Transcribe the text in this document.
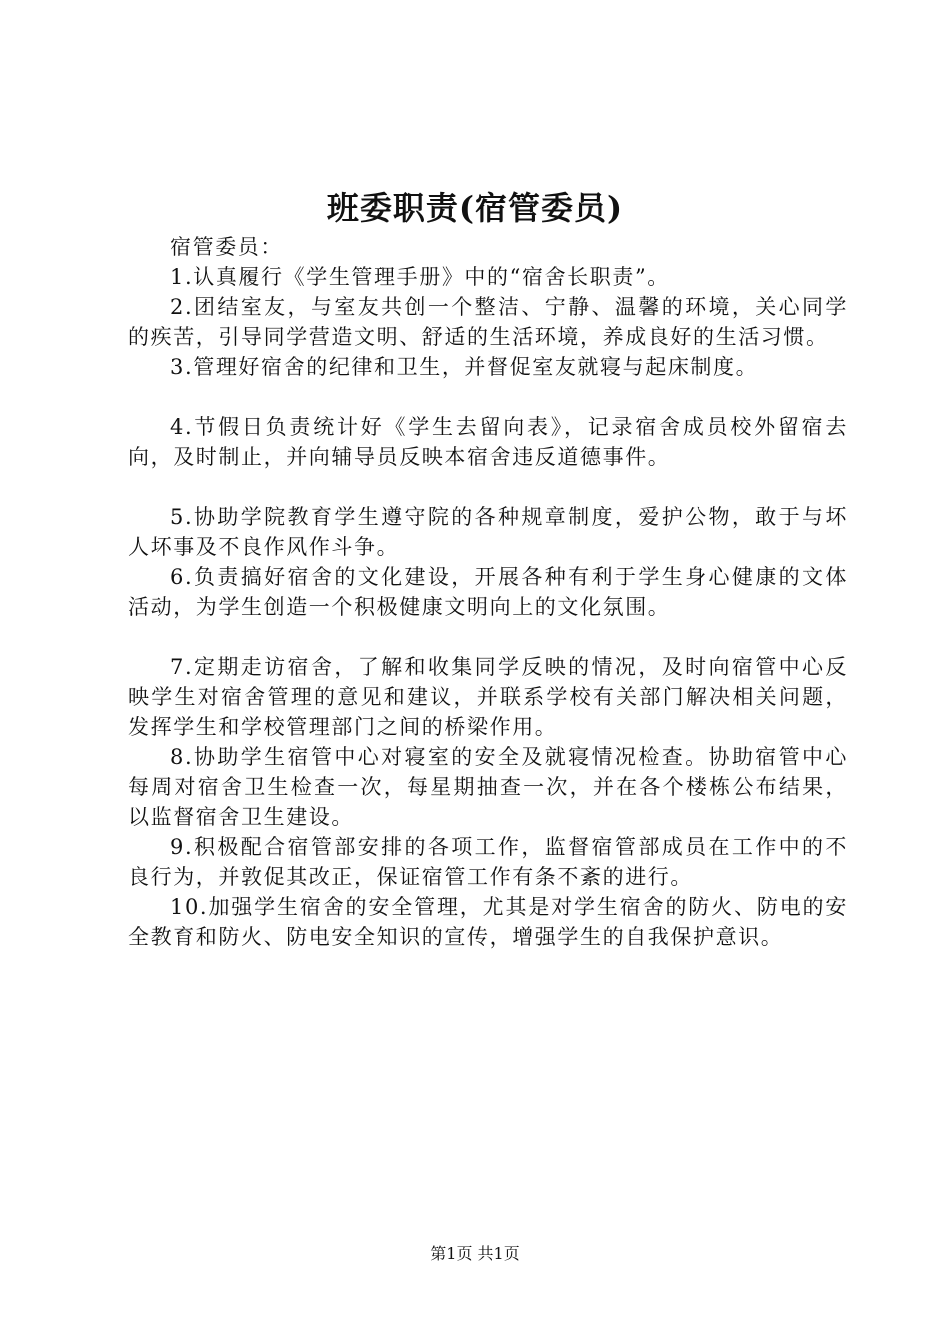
班委职责(宿管委员)

宿管委员：

1.认真履行《学生管理手册》中的“宿舍长职责”。

2.团结室友，与室友共创一个整洁、宁静、温馨的环境，关心同学的疾苦，引导同学营造文明、舒适的生活环境，养成良好的生活习惯。

3.管理好宿舍的纪律和卫生，并督促室友就寝与起床制度。

4.节假日负责统计好《学生去留向表》，记录宿舍成员校外留宿去向，及时制止，并向辅导员反映本宿舍违反道德事件。

5.协助学院教育学生遵守院的各种规章制度，爱护公物，敢于与坏人坏事及不良作风作斗争。

6.负责搞好宿舍的文化建设，开展各种有利于学生身心健康的文体活动，为学生创造一个积极健康文明向上的文化氛围。

7.定期走访宿舍，了解和收集同学反映的情况，及时向宿管中心反映学生对宿舍管理的意见和建议，并联系学校有关部门解决相关问题，发挥学生和学校管理部门之间的桥梁作用。

8.协助学生宿管中心对寝室的安全及就寝情况检查。协助宿管中心每周对宿舍卫生检查一次，每星期抽查一次，并在各个楼栋公布结果，以监督宿舍卫生建设。

9.积极配合宿管部安排的各项工作，监督宿管部成员在工作中的不良行为，并敦促其改正，保证宿管工作有条不紊的进行。

10.加强学生宿舍的安全管理，尤其是对学生宿舍的防火、防电的安全教育和防火、防电安全知识的宣传，增强学生的自我保护意识。

第1页 共1页
